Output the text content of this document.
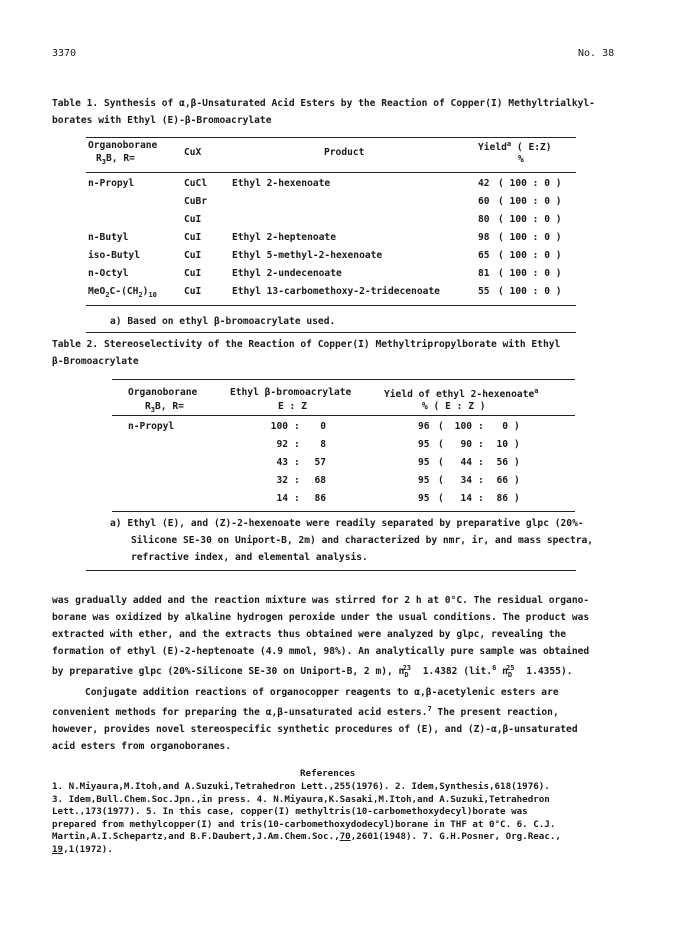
3370	No. 38
Table 1. Synthesis of α,β-Unsaturated Acid Esters by the Reaction of Copper(I) Methyltrialkyl-
borates with Ethyl (E)-β-Bromoacrylate
Organoborane
$R_3B$, R=
CuX	Product	Yield$^a$ ( E:Z)
%
n-Propyl	CuCl	Ethyl 2-hexenoate	42 ( 100 : 0 )
CuBr	60 ( 100 : 0 )
CuI	80 ( 100 : 0 )
n-Butyl	CuI	Ethyl 2-heptenoate	98 ( 100 : 0 )
iso-Butyl	CuI	Ethyl 5-methyl-2-hexenoate	65 ( 100 : 0 )
n-Octyl	CuI	Ethyl 2-undecenoate	81 ( 100 : 0 )
$MeO_2C-(CH_2)_{10}$	CuI	Ethyl 13-carbomethoxy-2-tridecenoate	55 ( 100 : 0 )
a) Based on ethyl β-bromoacrylate used.
Table 2. Stereoselectivity of the Reaction of Copper(I) Methyltripropylborate with Ethyl
β-Bromoacrylate
Organoborane
$R_3B$, R=
Ethyl β-bromoacrylate
E : Z
Yield of ethyl 2-hexenoate$^a$
% ( E : Z )
n-Propyl	100 :	0	96 (	100 :	0 )
92 :	8	95 (	90 :	10 )
43 :	57	95 (	44 :	56 )
32 :	68	95 (	34 :	66 )
14 :	86	95 (	14 :	86 )
a) Ethyl (E), and (Z)-2-hexenoate were readily separated by preparative glpc (20%-
Silicone SE-30 on Uniport-B, 2m) and characterized by nmr, ir, and mass spectra,
refractive index, and elemental analysis.
was gradually added and the reaction mixture was stirred for 2 h at 0°C. The residual organo-
borane was oxidized by alkaline hydrogen peroxide under the usual conditions. The product was
extracted with ether, and the extracts thus obtained were analyzed by glpc, revealing the
formation of ethyl (E)-2-heptenoate (4.9 mmol, 98%). An analytically pure sample was obtained
by preparative glpc (20%-Silicone SE-30 on Uniport-B, 2 m), $n_D^{23}$ 1.4382 (lit.$^6$ $n_D^{25}$ 1.4355).
Conjugate addition reactions of organocopper reagents to α,β-acetylenic esters are
convenient methods for preparing the α,β-unsaturated acid esters.$^7$ The present reaction,
however, provides novel stereospecific synthetic procedures of (E), and (Z)-α,β-unsaturated
acid esters from organoboranes.
References
1. N.Miyaura,M.Itoh,and A.Suzuki,Tetrahedron Lett.,255(1976). 2. Idem,Synthesis,618(1976).
3. Idem,Bull.Chem.Soc.Jpn.,in press. 4. N.Miyaura,K.Sasaki,M.Itoh,and A.Suzuki,Tetrahedron
Lett.,173(1977). 5. In this case, copper(I) methyltris(10-carbomethoxydecyl)borate was
prepared from methylcopper(I) and tris(10-carbomethoxydodecyl)borane in THF at 0°C. 6. C.J.
Martin,A.I.Schepartz,and B.F.Daubert,J.Am.Chem.Soc.,70,2601(1948). 7. G.H.Posner, Org.Reac.,
19,1(1972).
